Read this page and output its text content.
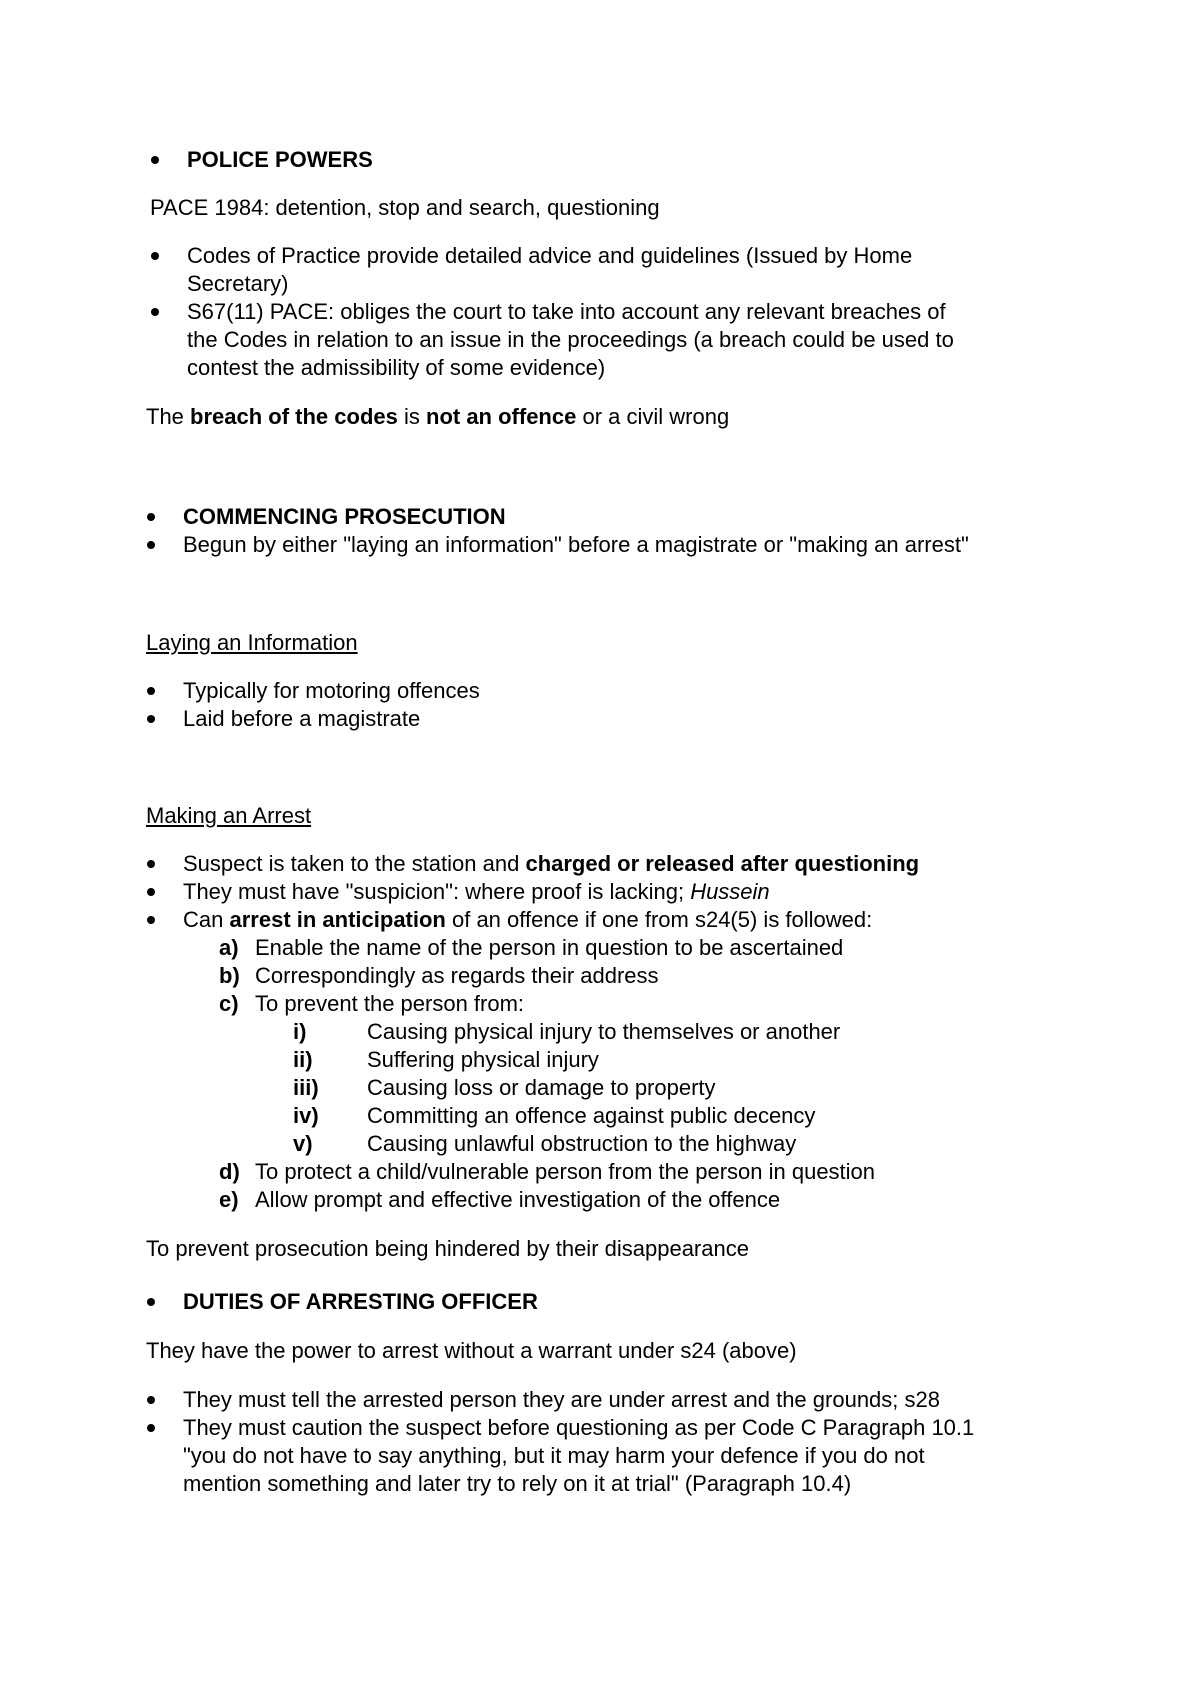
POLICE POWERS
PACE 1984: detention, stop and search, questioning
Codes of Practice provide detailed advice and guidelines (Issued by Home
Secretary)
S67(11) PACE: obliges the court to take into account any relevant breaches of
the Codes in relation to an issue in the proceedings (a breach could be used to
contest the admissibility of some evidence)
The breach of the codes is not an offence or a civil wrong
COMMENCING PROSECUTION
Begun by either "laying an information" before a magistrate or "making an arrest"
Laying an Information
Typically for motoring offences
Laid before a magistrate
Making an Arrest
Suspect is taken to the station and charged or released after questioning
They must have "suspicion": where proof is lacking; Hussein
Can arrest in anticipation of an offence if one from s24(5) is followed:
a) Enable the name of the person in question to be ascertained
b) Correspondingly as regards their address
c) To prevent the person from:
i)	Causing physical injury to themselves or another
ii) Suffering physical injury
iii) Causing loss or damage to property
iv) Committing an offence against public decency
v) Causing unlawful obstruction to the highway
d) To protect a child/vulnerable person from the person in question
e) Allow prompt and effective investigation of the offence
To prevent prosecution being hindered by their disappearance
DUTIES OF ARRESTING OFFICER
They have the power to arrest without a warrant under s24 (above)
They must tell the arrested person they are under arrest and the grounds; s28
They must caution the suspect before questioning as per Code C Paragraph 10.1
"you do not have to say anything, but it may harm your defence if you do not
mention something and later try to rely on it at trial" (Paragraph 10.4)
